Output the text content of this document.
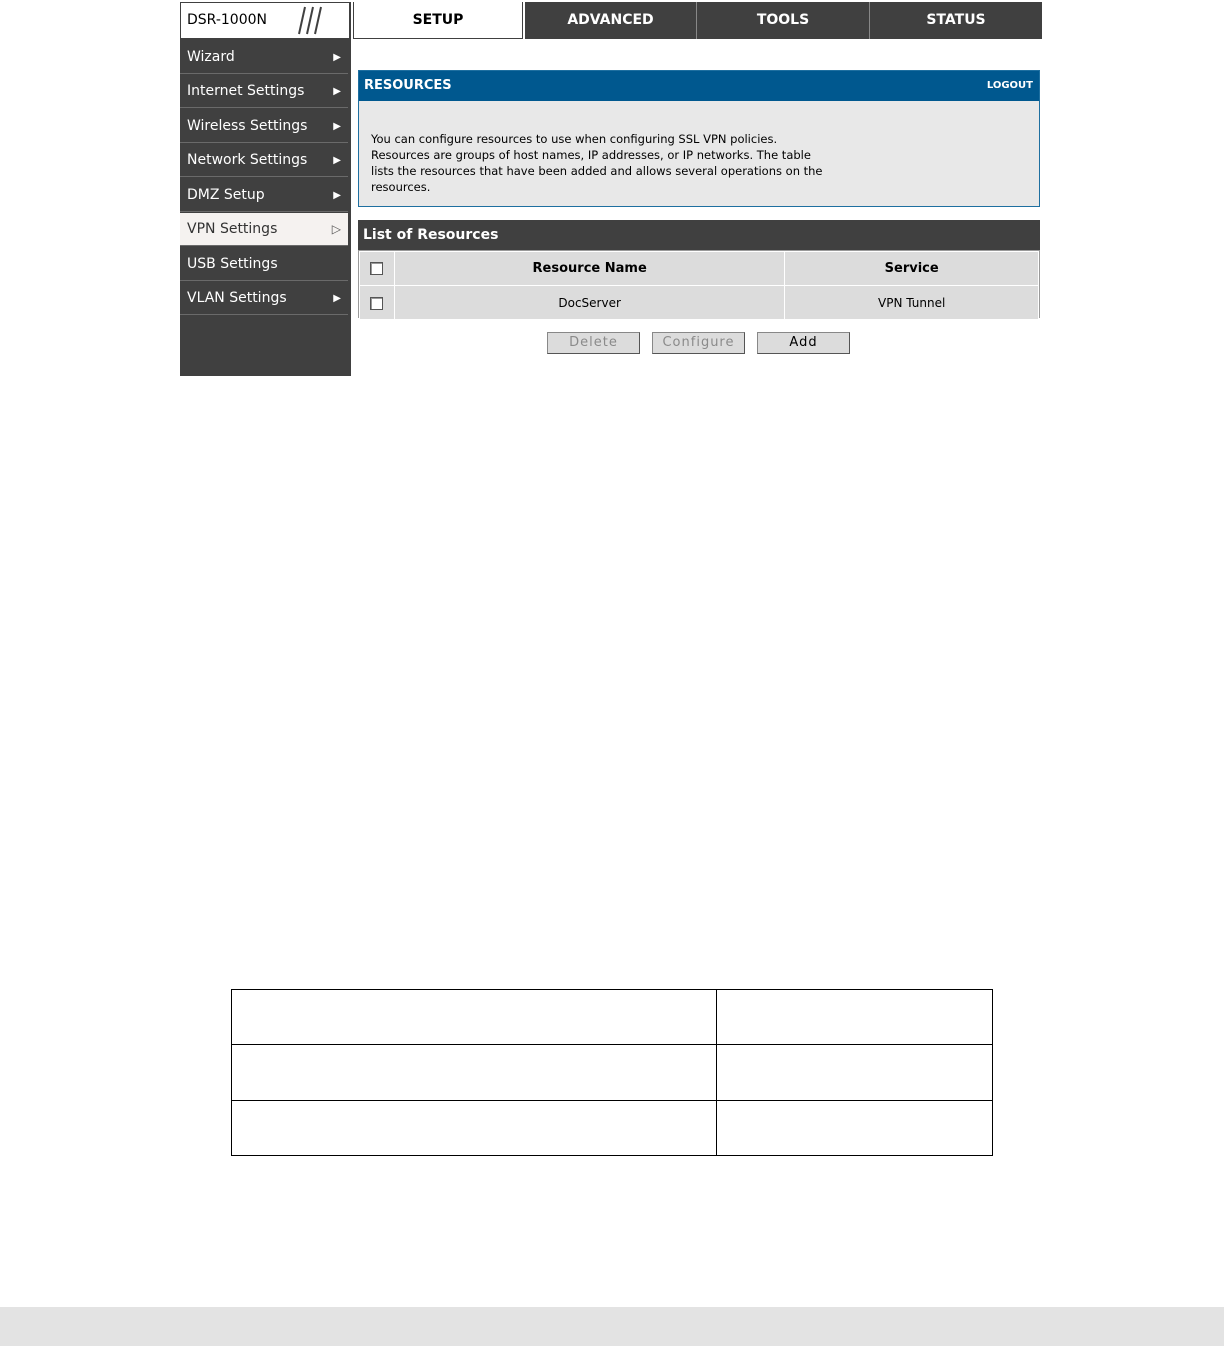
DSR-1000N	SETUP	ADVANCED	TOOLS	STATUS
Wizard	▶
Internet Settings	▶
Wireless Settings	▶
Network Settings	▶
DMZ Setup	▶
VPN Settings	▷
USB Settings
VLAN Settings	▶
RESOURCES	LOGOUT
You can configure resources to use when configuring SSL VPN policies.
Resources are groups of host names, IP addresses, or IP networks. The table
lists the resources that have been added and allows several operations on the
resources.
List of Resources
	Resource Name	Service
	DocServer	VPN Tunnel
Delete	Configure	Add
